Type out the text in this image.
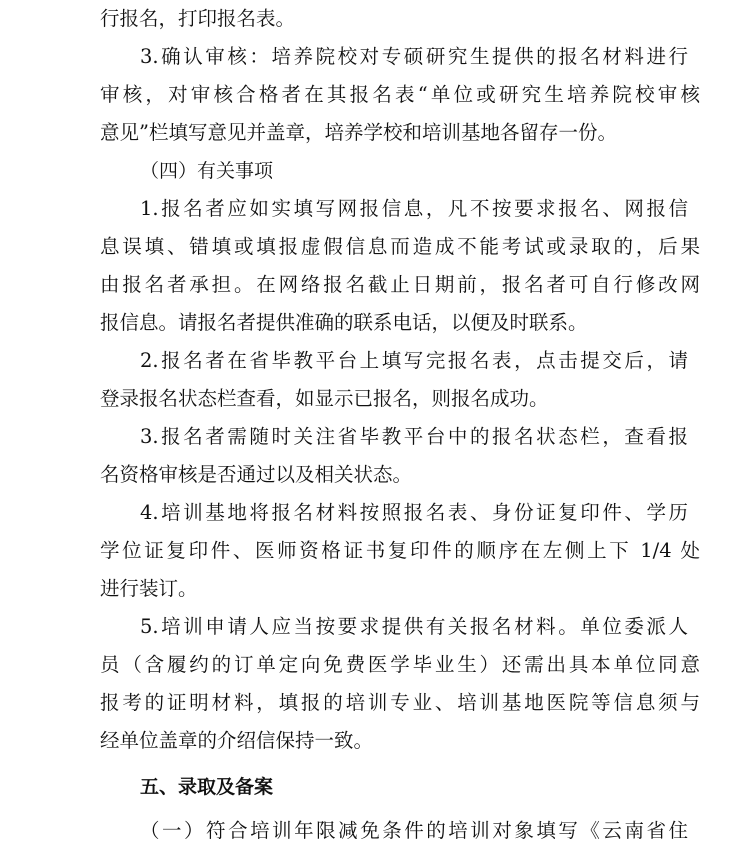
行报名，打印报名表。
3.确认审核：培养院校对专硕研究生提供的报名材料进行
审核，对审核合格者在其报名表“单位或研究生培养院校审核
意见”栏填写意见并盖章，培养学校和培训基地各留存一份。
（四）有关事项
1.报名者应如实填写网报信息，凡不按要求报名、网报信
息误填、错填或填报虚假信息而造成不能考试或录取的，后果
由报名者承担。在网络报名截止日期前，报名者可自行修改网
报信息。请报名者提供准确的联系电话，以便及时联系。
2.报名者在省毕教平台上填写完报名表，点击提交后，请
登录报名状态栏查看，如显示已报名，则报名成功。
3.报名者需随时关注省毕教平台中的报名状态栏，查看报
名资格审核是否通过以及相关状态。
4.培训基地将报名材料按照报名表、身份证复印件、学历
学位证复印件、医师资格证书复印件的顺序在左侧上下 1/4 处
进行装订。
5.培训申请人应当按要求提供有关报名材料。单位委派人
员（含履约的订单定向免费医学毕业生）还需出具本单位同意
报考的证明材料，填报的培训专业、培训基地医院等信息须与
经单位盖章的介绍信保持一致。
五、录取及备案
（一）符合培训年限减免条件的培训对象填写《云南省住
